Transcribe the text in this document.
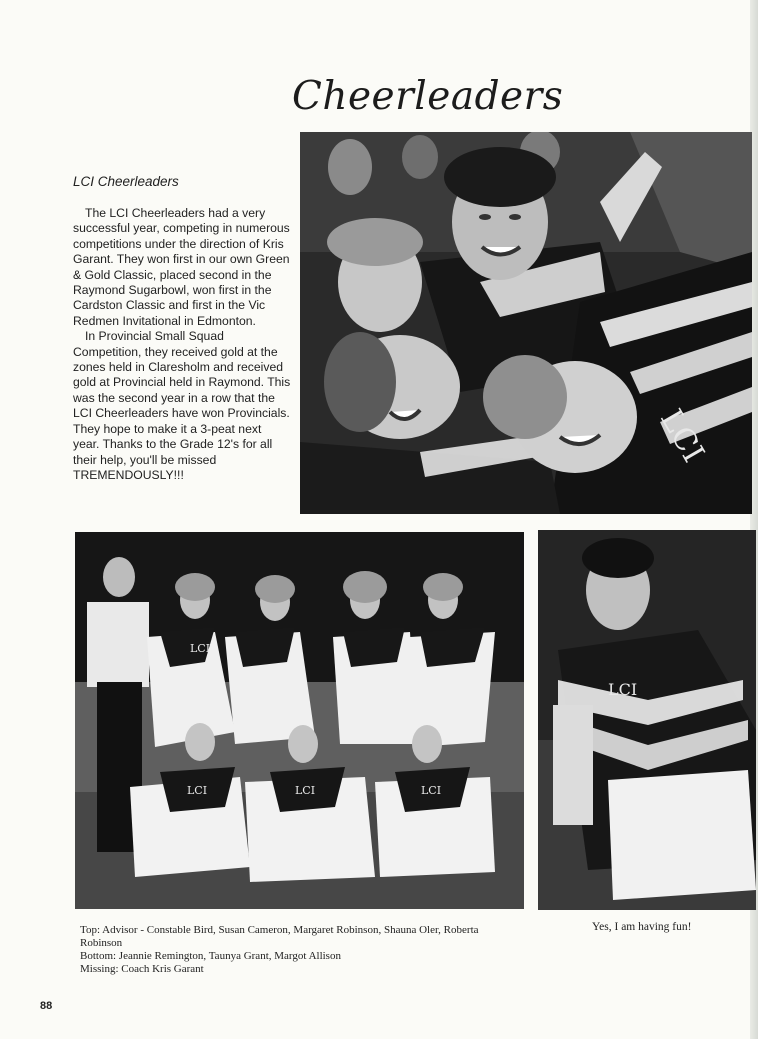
Cheerleaders
LCI Cheerleaders

The LCI Cheerleaders had a very successful year, competing in numerous competitions under the direction of Kris Garant. They won first in our own Green & Gold Classic, placed second in the Raymond Sugarbowl, won first in the Cardston Classic and first in the Vic Redmen Invitational in Edmonton.

In Provincial Small Squad Competition, they received gold at the zones held in Claresholm and received gold at Provincial held in Raymond. This was the second year in a row that the LCI Cheerleaders have won Provincials. They hope to make it a 3-peat next year. Thanks to the Grade 12's for all their help, you'll be missed TREMENDOUSLY!!!

LCI
LCI
LCI	LCI	LCI
LCI
Top: Advisor - Constable Bird, Susan Cameron, Margaret Robinson, Shauna Oler, Roberta Robinson
Bottom: Jeannie Remington, Taunya Grant, Margot Allison
Missing: Coach Kris Garant
Yes, I am having fun!
88
